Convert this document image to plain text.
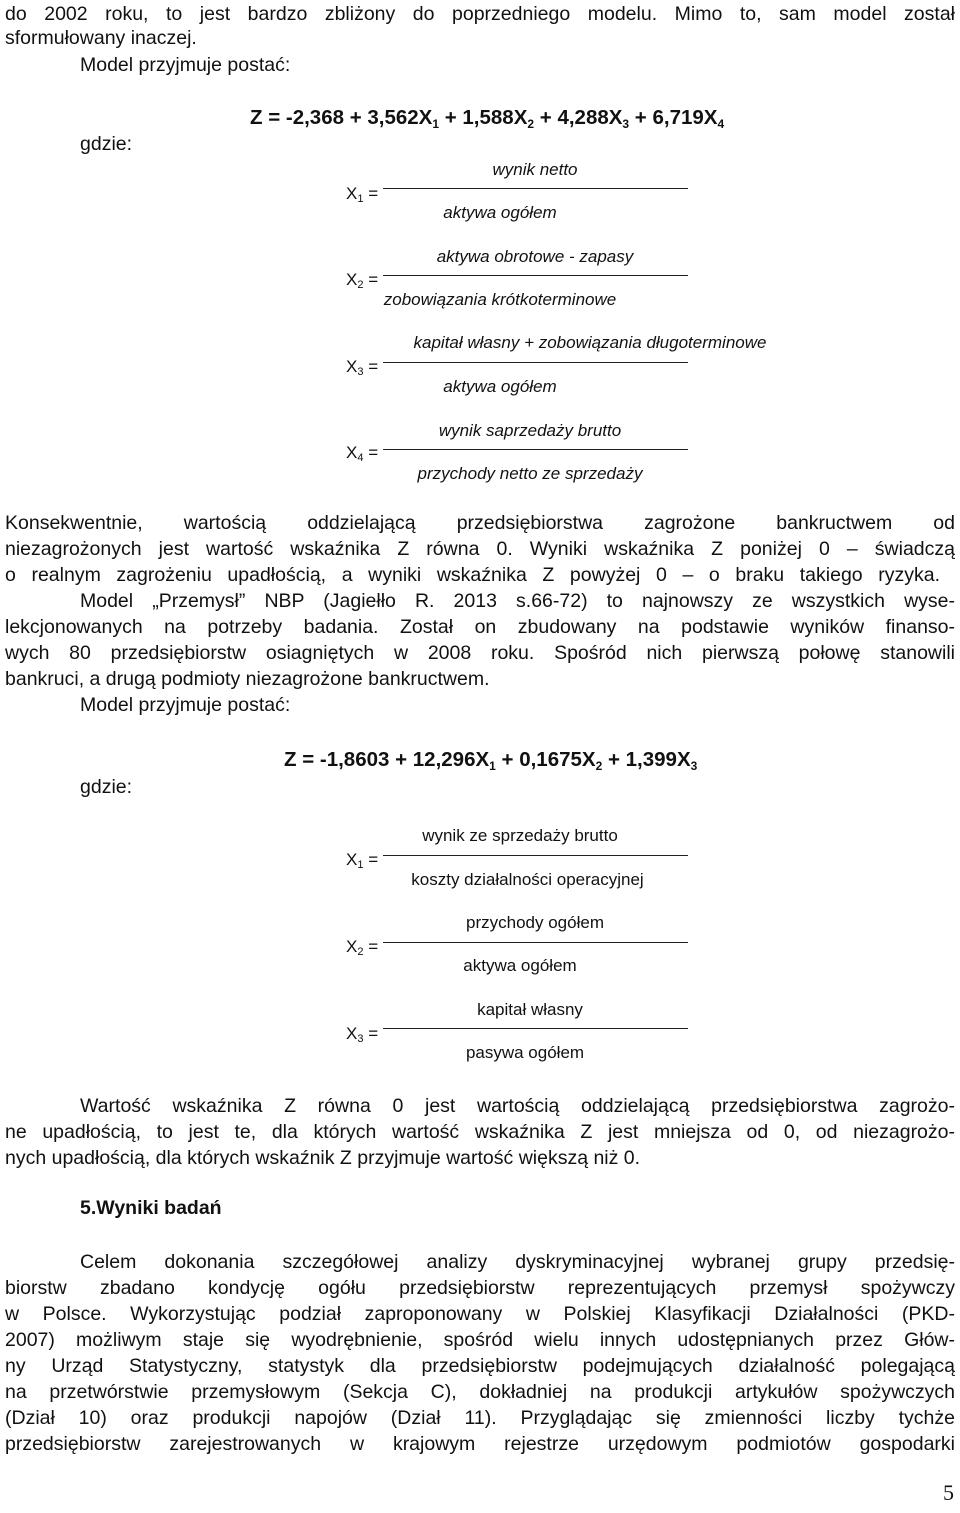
do 2002 roku, to jest bardzo zbliżony do poprzedniego modelu. Mimo to, sam model został
sformułowany inaczej.
Model przyjmuje postać:
$Z = -2,368 + 3,562X_1 + 1,588X_2 + 4,288X_3 + 6,719X_4$
gdzie:
$X_1$ =
wynik netto
aktywa ogółem
$X_2$ =
aktywa obrotowe - zapasy
zobowiązania krótkoterminowe
$X_3$ =
kapitał własny + zobowiązania długoterminowe
aktywa ogółem
$X_4$ =
wynik saprzedaży brutto
przychody netto ze sprzedaży
Konsekwentnie, wartością oddzielającą przedsiębiorstwa zagrożone bankructwem od
niezagrożonych jest wartość wskaźnika Z równa 0. Wyniki wskaźnika Z poniżej 0 – świadczą
o realnym zagrożeniu upadłością, a wyniki wskaźnika Z powyżej 0 – o braku takiego ryzyka.
Model „Przemysł” NBP (Jagiełło R. 2013 s.66-72) to najnowszy ze wszystkich wyse-
lekcjonowanych na potrzeby badania. Został on zbudowany na podstawie wyników finanso-
wych 80 przedsiębiorstw osiagniętych w 2008 roku. Spośród nich pierwszą połowę stanowili
bankruci, a drugą podmioty niezagrożone bankructwem.
Model przyjmuje postać:
$Z = -1,8603 + 12,296X_1 + 0,1675X_2 + 1,399X_3$
gdzie:
$X_1$ =
wynik ze sprzedaży brutto
koszty działalności operacyjnej
$X_2$ =
przychody ogółem
aktywa ogółem
$X_3$ =
kapitał własny
pasywa ogółem
Wartość wskaźnika Z równa 0 jest wartością oddzielającą przedsiębiorstwa zagrożo-
ne upadłością, to jest te, dla których wartość wskaźnika Z jest mniejsza od 0, od niezagrożo-
nych upadłością, dla których wskaźnik Z przyjmuje wartość większą niż 0.
5.Wyniki badań
Celem dokonania szczegółowej analizy dyskryminacyjnej wybranej grupy przedsię-
biorstw zbadano kondycję ogółu przedsiębiorstw reprezentujących przemysł spożywczy
w Polsce. Wykorzystując podział zaproponowany w Polskiej Klasyfikacji Działalności (PKD-
2007) możliwym staje się wyodrębnienie, spośród wielu innych udostępnianych przez Głów-
ny Urząd Statystyczny, statystyk dla przedsiębiorstw podejmujących działalność polegającą
na przetwórstwie przemysłowym (Sekcja C), dokładniej na produkcji artykułów spożywczych
(Dział 10) oraz produkcji napojów (Dział 11). Przyglądając się zmienności liczby tychże
przedsiębiorstw zarejestrowanych w krajowym rejestrze urzędowym podmiotów gospodarki
5
